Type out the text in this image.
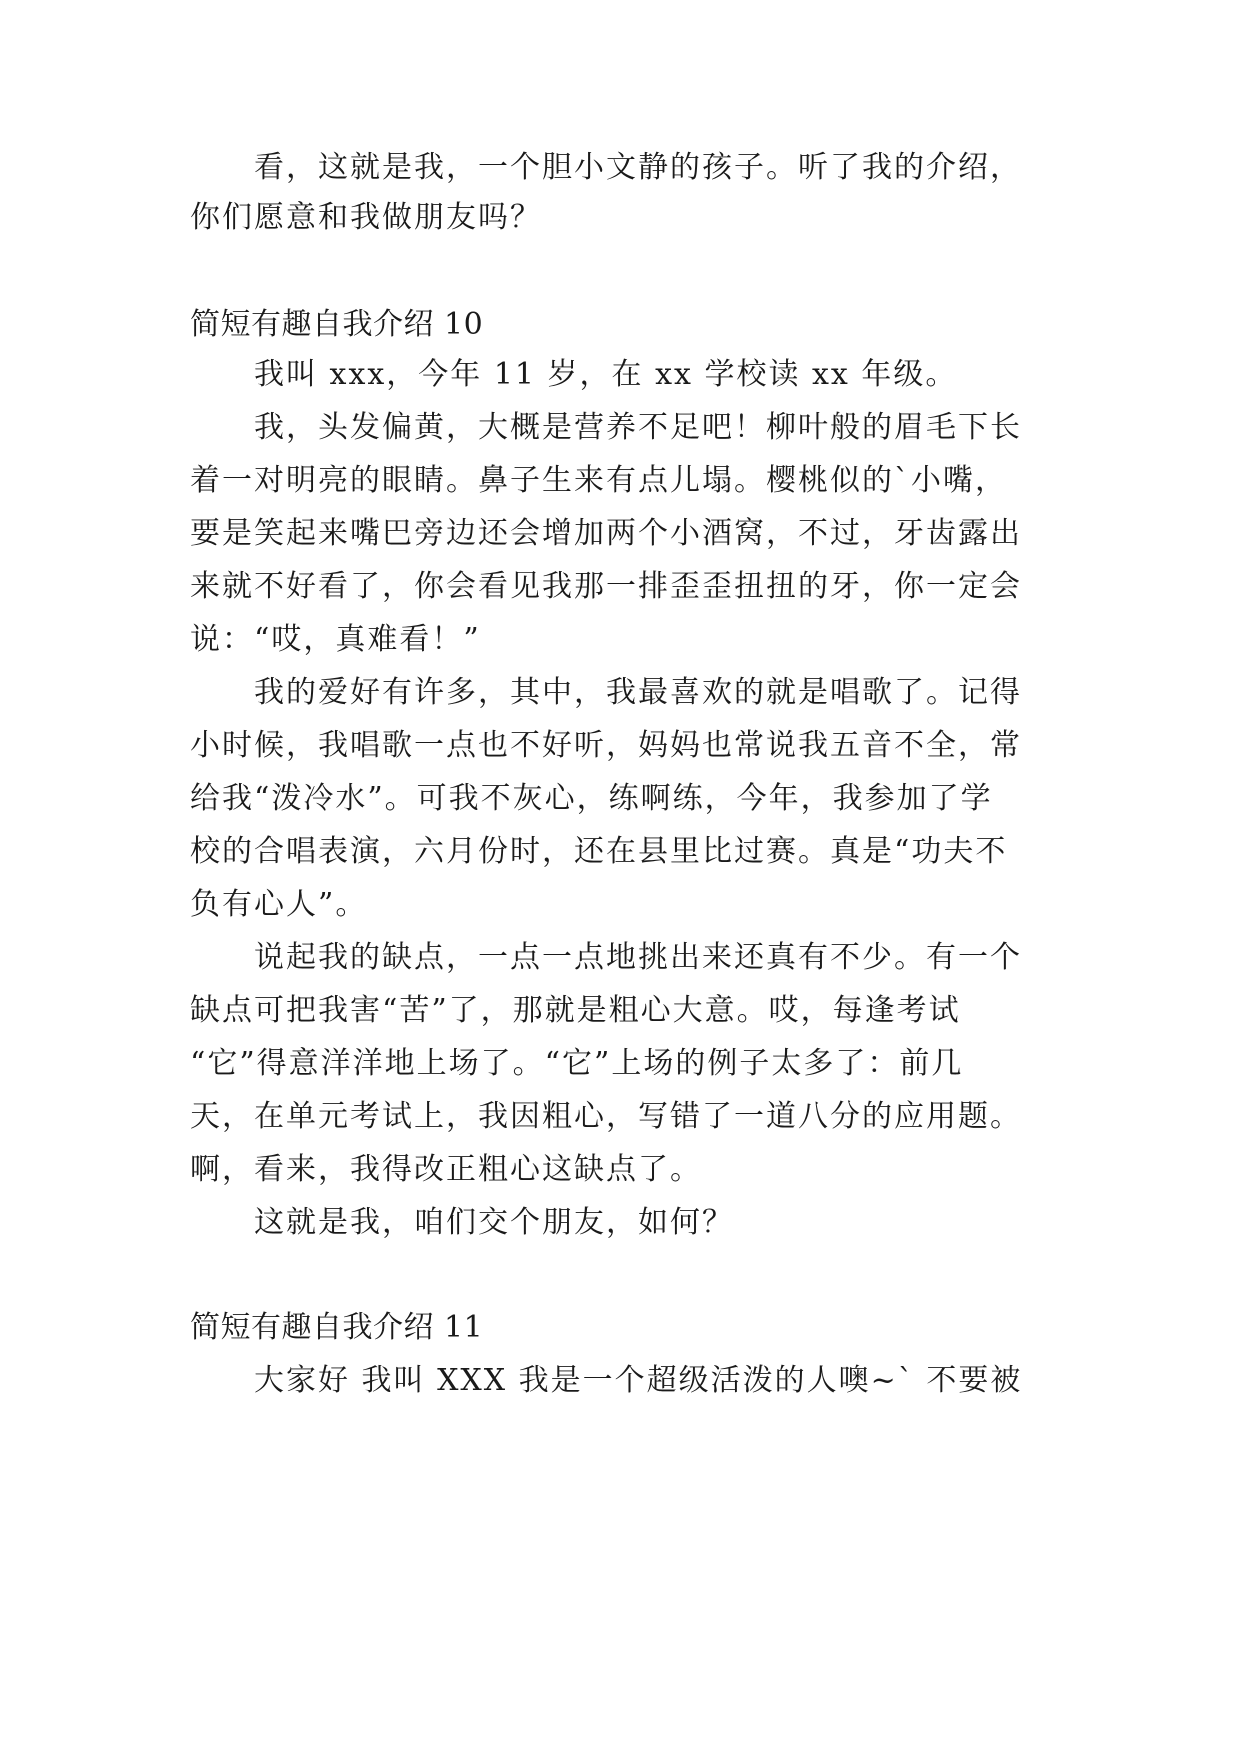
看，这就是我，一个胆小文静的孩子。听了我的介绍，
你们愿意和我做朋友吗？
简短有趣自我介绍 10
我叫 xxx，今年 11 岁，在 xx 学校读 xx 年级。
我，头发偏黄，大概是营养不足吧！柳叶般的眉毛下长
着一对明亮的眼睛。鼻子生来有点儿塌。樱桃似的`小嘴，
要是笑起来嘴巴旁边还会增加两个小酒窝，不过，牙齿露出
来就不好看了，你会看见我那一排歪歪扭扭的牙，你一定会
说：“哎，真难看！”
我的爱好有许多，其中，我最喜欢的就是唱歌了。记得
小时候，我唱歌一点也不好听，妈妈也常说我五音不全，常
给我“泼冷水”。可我不灰心，练啊练，今年，我参加了学
校的合唱表演，六月份时，还在县里比过赛。真是“功夫不
负有心人”。
说起我的缺点，一点一点地挑出来还真有不少。有一个
缺点可把我害“苦”了，那就是粗心大意。哎，每逢考试
“它”得意洋洋地上场了。“它”上场的例子太多了：前几
天，在单元考试上，我因粗心，写错了一道八分的应用题。
啊，看来，我得改正粗心这缺点了。
这就是我，咱们交个朋友，如何？
简短有趣自我介绍 11
大家好 我叫 XXX 我是一个超级活泼的人噢~` 不要被
